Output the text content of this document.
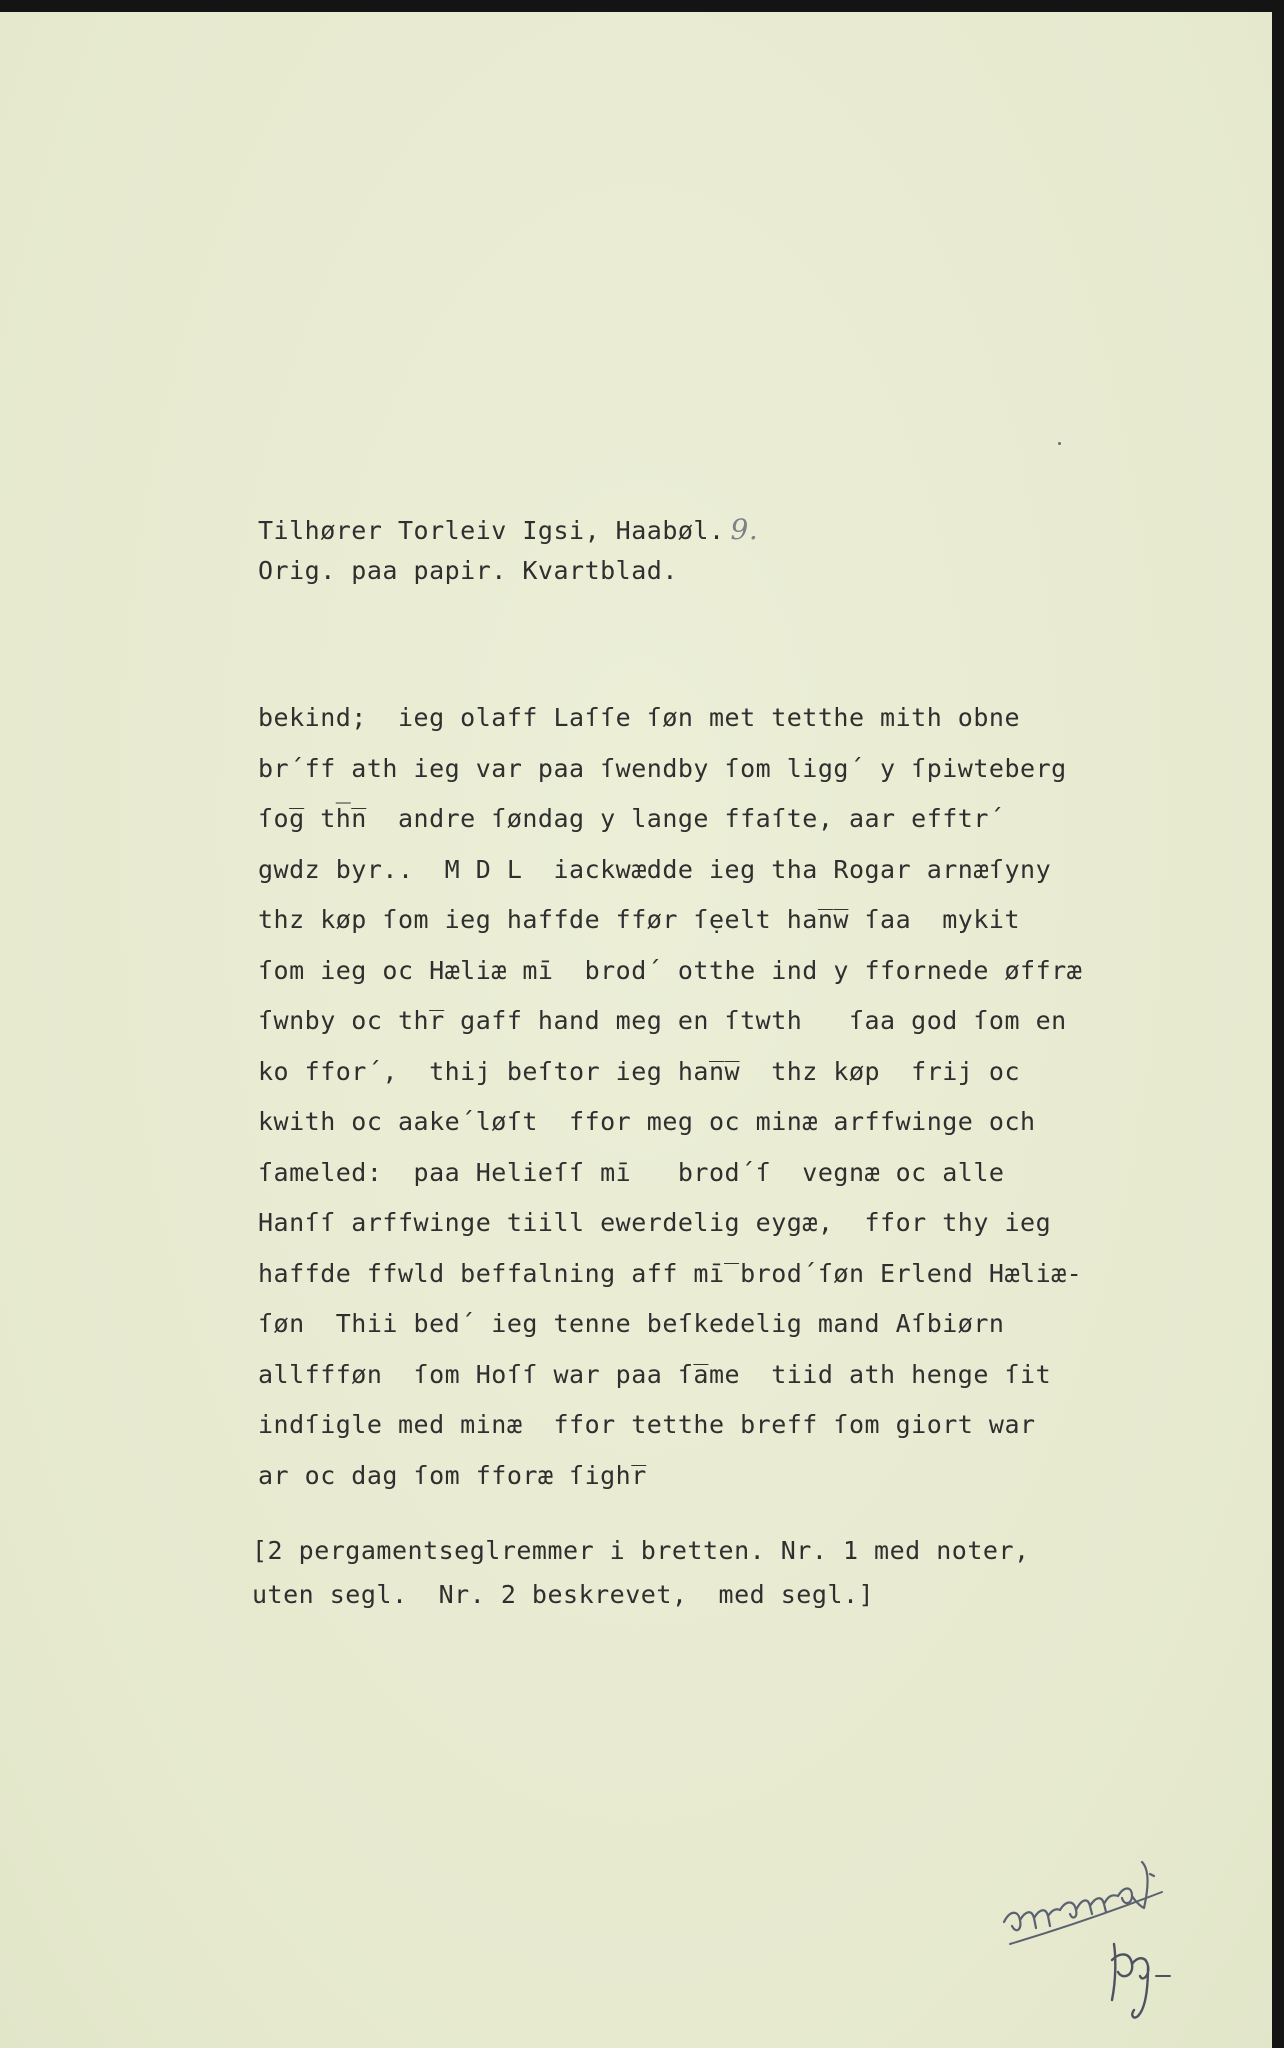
Tilhører Torleiv Igsi, Haabøl. 9.
Orig. paa papir. Kvartblad.
bekind;  ieg olaff Laſſe ſøn met tetthe mith obne
br´ff ath ieg var paa ſwendby ſom ligg´ y ſpiwteberg
ſog̅ th̅n̅  andre ſøndag y lange ffaſte, aar efftr´
gwdz byr..  M D L  iackwædde ieg tha Rogar arnæſyny
thz køp ſom ieg haffde ffør ſẹelt han̅w̅ ſaa  mykit
ſom ieg oc Hæliæ mī  brod´ otthe ind y ffornede øffræ
ſwnby oc thr̅ gaff hand meg en ſtwth   ſaa god ſom en
ko ffor´,  thij beſtor ieg han̅w̅  thz køp  frij oc
kwith oc aake´løſt  ffor meg oc minæ arffwinge och
ſameled:  paa Helieſſ mī   brod´ſ  vegnæ oc alle
Hanſſ arffwinge tiill ewerdelig eygæ,  ffor thy ieg
haffde ffwld beffalning aff mī̅ brod´ſøn Erlend Hæliæ-
ſøn  Thii bed´ ieg tenne beſkedelig mand Aſbiørn
allffføn  ſom Hoſſ war paa ſa̅me  tiid ath henge ſit
indſigle med minæ  ffor tetthe breff ſom giort war
ar oc dag ſom fforæ ſighr̅
[2 pergamentseglremmer i bretten. Nr. 1 med noter,
uten segl.  Nr. 2 beskrevet,  med segl.]
